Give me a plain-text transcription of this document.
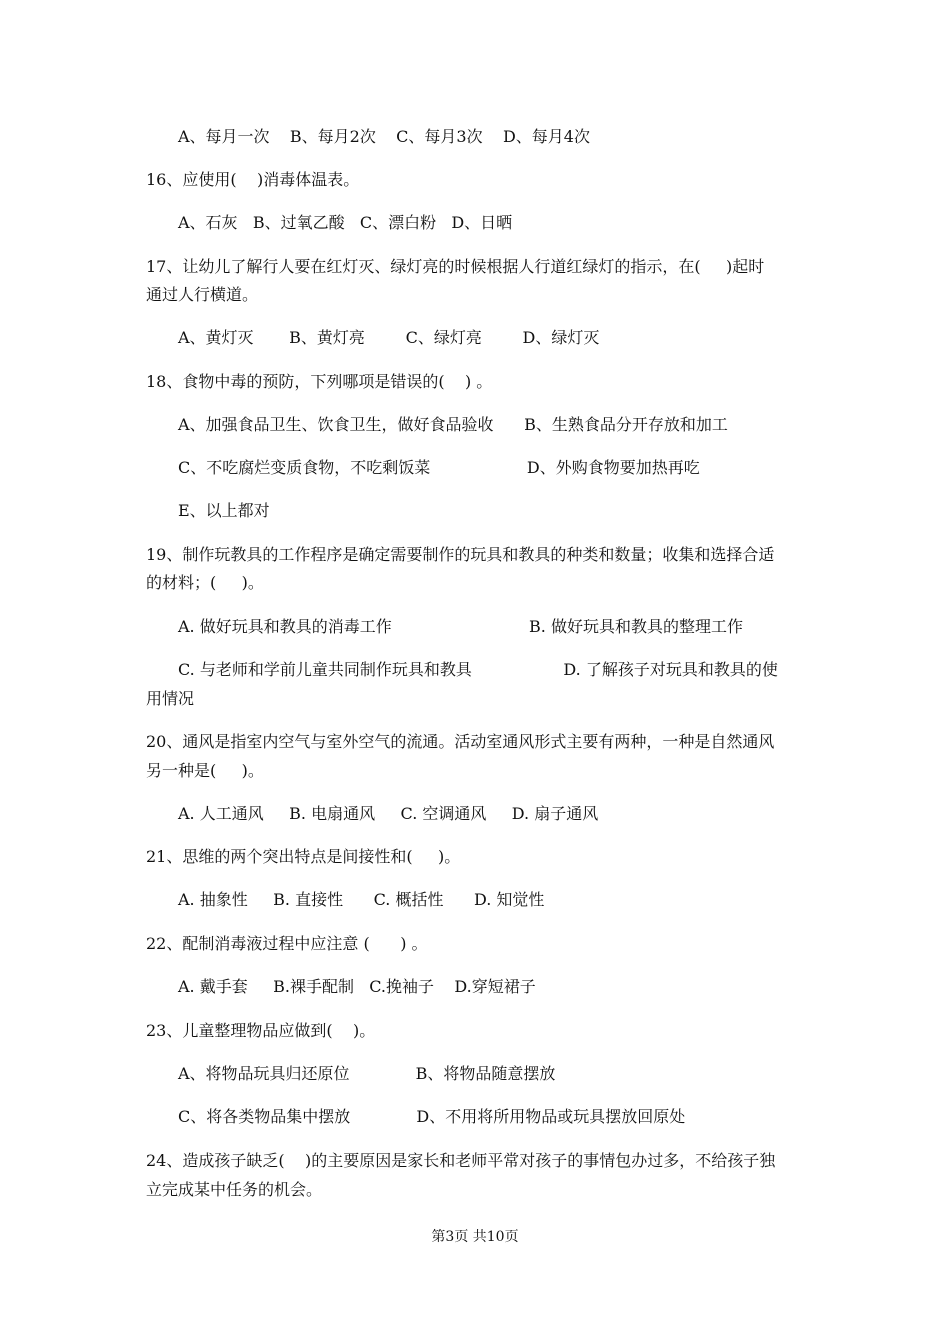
A、每月一次    B、每月2次    C、每月3次    D、每月4次
16、应使用(    )消毒体温表。
A、石灰   B、过氧乙酸   C、漂白粉   D、日晒
17、让幼儿了解行人要在红灯灭、绿灯亮的时候根据人行道红绿灯的指示，在(     )起时
通过人行横道。
A、黄灯灭       B、黄灯亮        C、绿灯亮        D、绿灯灭
18、食物中毒的预防，下列哪项是错误的(    ) 。
A、加强食品卫生、饮食卫生，做好食品验收      B、生熟食品分开存放和加工
C、不吃腐烂变质食物，不吃剩饭菜                   D、外购食物要加热再吃
E、以上都对
19、制作玩教具的工作程序是确定需要制作的玩具和教具的种类和数量；收集和选择合适
的材料；(     )。
A. 做好玩具和教具的消毒工作                           B. 做好玩具和教具的整理工作
C. 与老师和学前儿童共同制作玩具和教具                  D. 了解孩子对玩具和教具的使
用情况
20、通风是指室内空气与室外空气的流通。活动室通风形式主要有两种，一种是自然通风
另一种是(     )。
A. 人工通风     B. 电扇通风     C. 空调通风     D. 扇子通风
21、思维的两个突出特点是间接性和(     )。
A. 抽象性     B. 直接性      C. 概括性      D. 知觉性
22、配制消毒液过程中应注意 (      ) 。
A. 戴手套     B.裸手配制   C.挽袖子    D.穿短裙子
23、儿童整理物品应做到(    )。
A、将物品玩具归还原位             B、将物品随意摆放
C、将各类物品集中摆放             D、不用将所用物品或玩具摆放回原处
24、造成孩子缺乏(    )的主要原因是家长和老师平常对孩子的事情包办过多，不给孩子独
立完成某中任务的机会。
第3页 共10页
